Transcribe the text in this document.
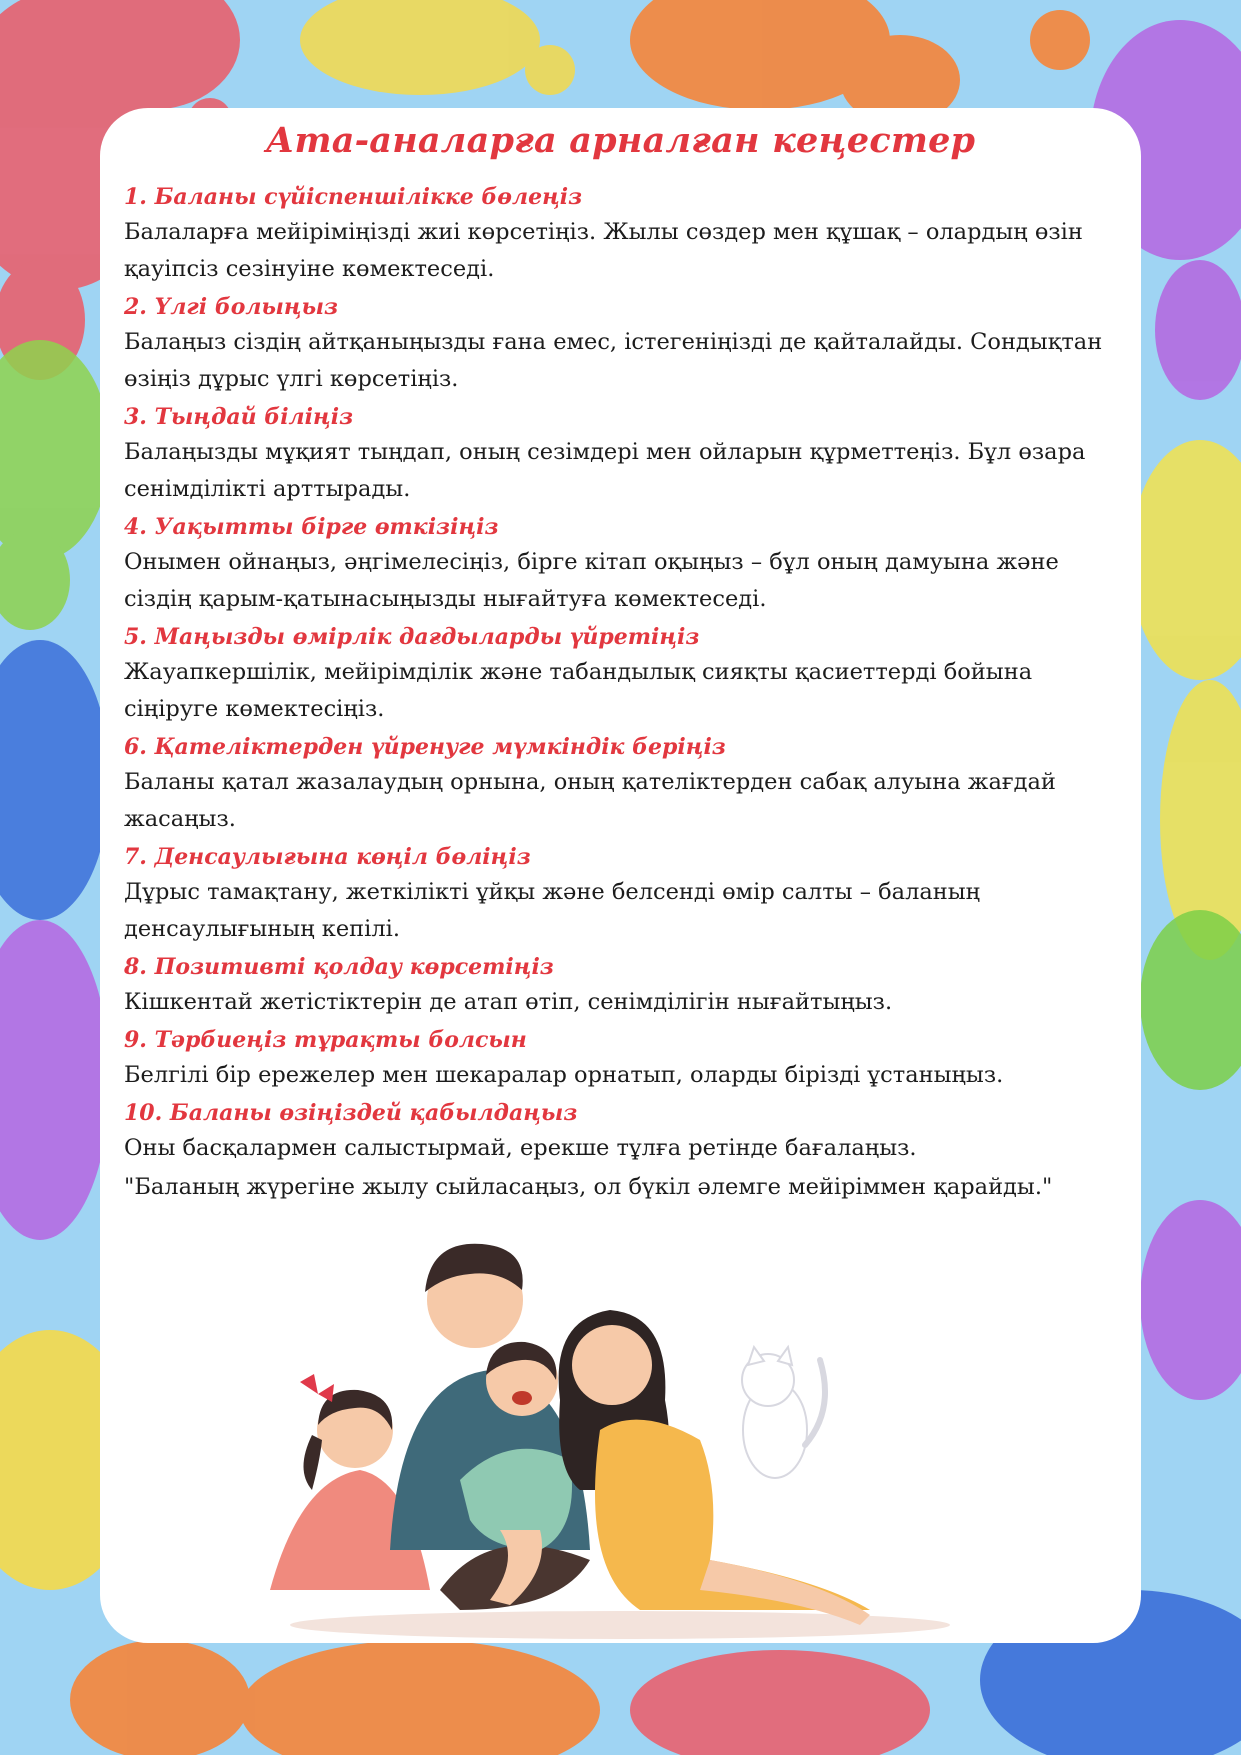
Ата-аналарға арналған кеңестер

1. Баланы сүйіспеншілікке бөлеңіз

Балаларға мейіріміңізді жиі көрсетіңіз. Жылы сөздер мен құшақ – олардың өзін қауіпсіз сезінуіне көмектеседі.

2. Үлгі болыңыз

Балаңыз сіздің айтқаныңызды ғана емес, істегеніңізді де қайталайды. Сондықтан өзіңіз дұрыс үлгі көрсетіңіз.

3. Тыңдай біліңіз

Балаңызды мұқият тыңдап, оның сезімдері мен ойларын құрметтеңіз. Бұл өзара сенімділікті арттырады.

4. Уақытты бірге өткізіңіз

Онымен ойнаңыз, әңгімелесіңіз, бірге кітап оқыңыз – бұл оның дамуына және сіздің қарым-қатынасыңызды нығайтуға көмектеседі.

5. Маңызды өмірлік дағдыларды үйретіңіз

Жауапкершілік, мейірімділік және табандылық сияқты қасиеттерді бойына сіңіруге көмектесіңіз.

6. Қателіктерден үйренуге мүмкіндік беріңіз

Баланы қатал жазалаудың орнына, оның қателіктерден сабақ алуына жағдай жасаңыз.

7. Денсаулығына көңіл бөліңіз

Дұрыс тамақтану, жеткілікті ұйқы және белсенді өмір салты – баланың денсаулығының кепілі.

8. Позитивті қолдау көрсетіңіз

Кішкентай жетістіктерін де атап өтіп, сенімділігін нығайтыңыз.

9. Тәрбиеңіз тұрақты болсын

Белгілі бір ережелер мен шекаралар орнатып, оларды бірізді ұстаныңыз.

10. Баланы өзіңіздей қабылдаңыз

Оны басқалармен салыстырмай, ерекше тұлға ретінде бағалаңыз.

"Баланың жүрегіне жылу сыйласаңыз, ол бүкіл әлемге мейіріммен қарайды."
